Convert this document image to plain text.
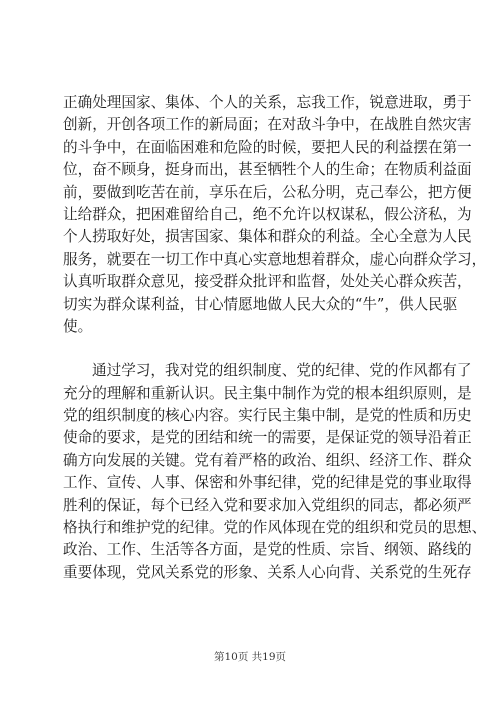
正确处理国家、集体、个人的关系，忘我工作，锐意进取，勇于
创新，开创各项工作的新局面；在对敌斗争中，在战胜自然灾害
的斗争中，在面临困难和危险的时候，要把人民的利益摆在第一
位，奋不顾身，挺身而出，甚至牺牲个人的生命；在物质利益面
前，要做到吃苦在前，享乐在后，公私分明，克己奉公，把方便
让给群众，把困难留给自己，绝不允许以权谋私，假公济私，为
个人捞取好处，损害国家、集体和群众的利益。全心全意为人民
服务，就要在一切工作中真心实意地想着群众，虚心向群众学习，
认真听取群众意见，接受群众批评和监督，处处关心群众疾苦，
切实为群众谋利益，甘心情愿地做人民大众的“牛”，供人民驱
使。
通过学习，我对党的组织制度、党的纪律、党的作风都有了
充分的理解和重新认识。民主集中制作为党的根本组织原则，是
党的组织制度的核心内容。实行民主集中制，是党的性质和历史
使命的要求，是党的团结和统一的需要，是保证党的领导沿着正
确方向发展的关键。党有着严格的政治、组织、经济工作、群众
工作、宣传、人事、保密和外事纪律，党的纪律是党的事业取得
胜利的保证，每个已经入党和要求加入党组织的同志，都必须严
格执行和维护党的纪律。党的作风体现在党的组织和党员的思想、
政治、工作、生活等各方面，是党的性质、宗旨、纲领、路线的
重要体现，党风关系党的形象、关系人心向背、关系党的生死存
第10页 共19页
